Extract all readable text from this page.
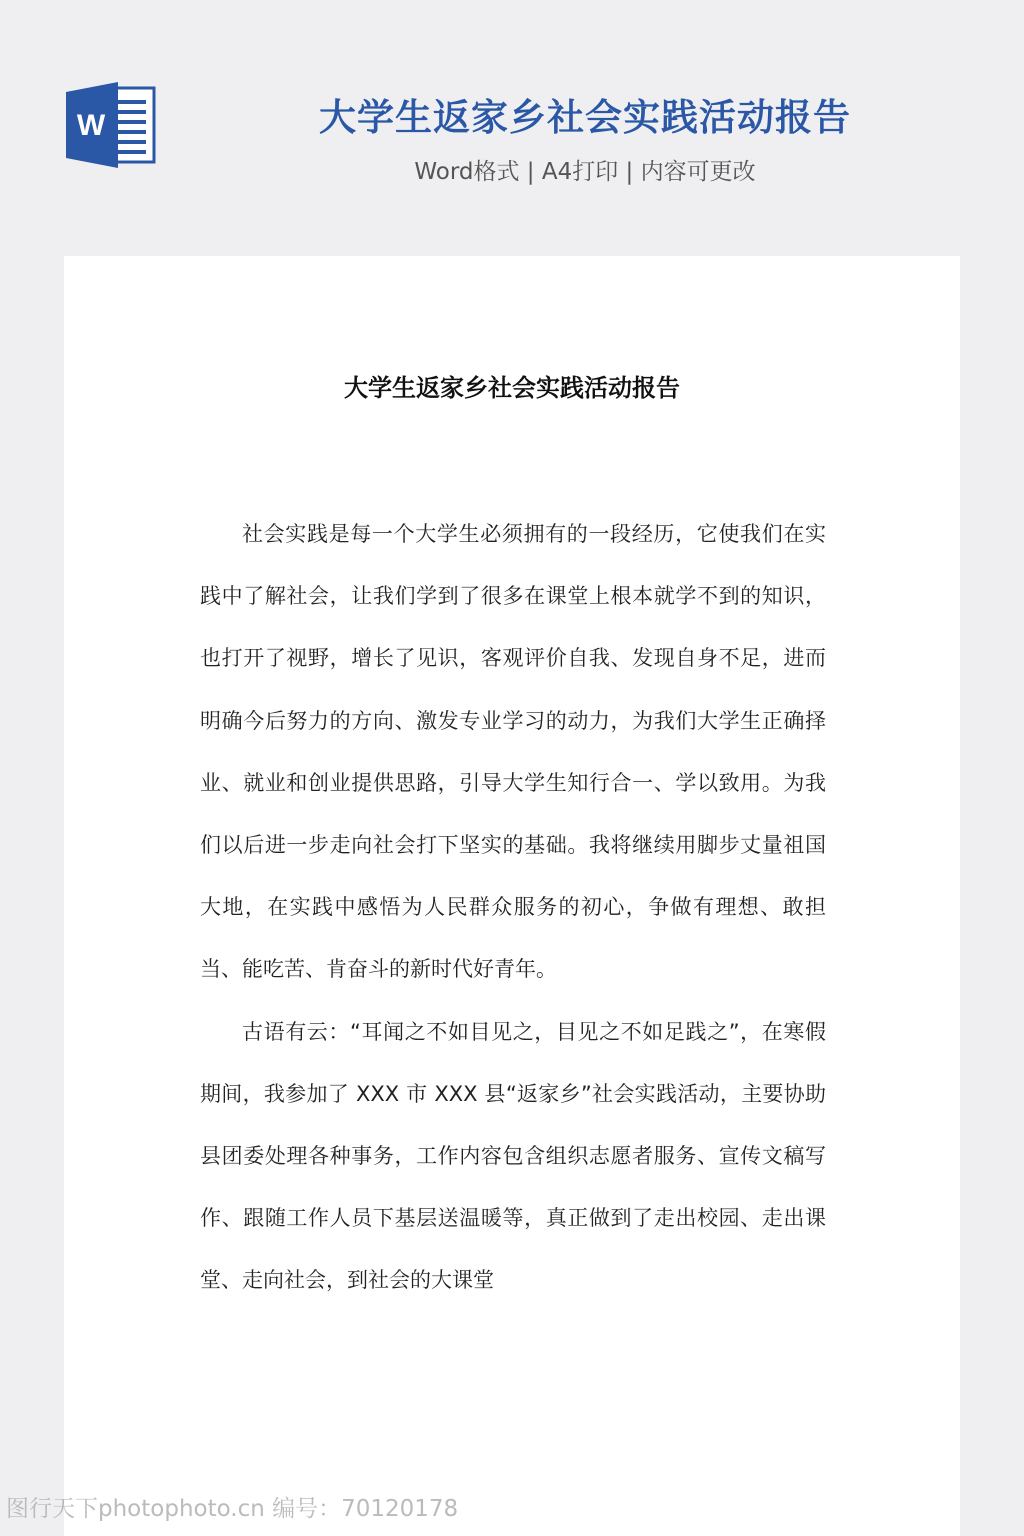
W	大学生返家乡社会实践活动报告
Word格式 | A4打印 | 内容可更改
大学生返家乡社会实践活动报告

社会实践是每一个大学生必须拥有的一段经历，它使我们在实践中了解社会，让我们学到了很多在课堂上根本就学不到的知识，也打开了视野，增长了见识，客观评价自我、发现自身不足，进而明确今后努力的方向、激发专业学习的动力，为我们大学生正确择业、就业和创业提供思路，引导大学生知行合一、学以致用。为我们以后进一步走向社会打下坚实的基础。我将继续用脚步丈量祖国大地，在实践中感悟为人民群众服务的初心，争做有理想、敢担当、能吃苦、肯奋斗的新时代好青年。

古语有云：“耳闻之不如目见之，目见之不如足践之”，在寒假期间，我参加了 XXX 市 XXX 县“返家乡”社会实践活动，主要协助县团委处理各种事务，工作内容包含组织志愿者服务、宣传文稿写作、跟随工作人员下基层送温暖等，真正做到了走出校园、走出课堂、走向社会，到社会的大课堂

图行天下photophoto.cn 编号：70120178
